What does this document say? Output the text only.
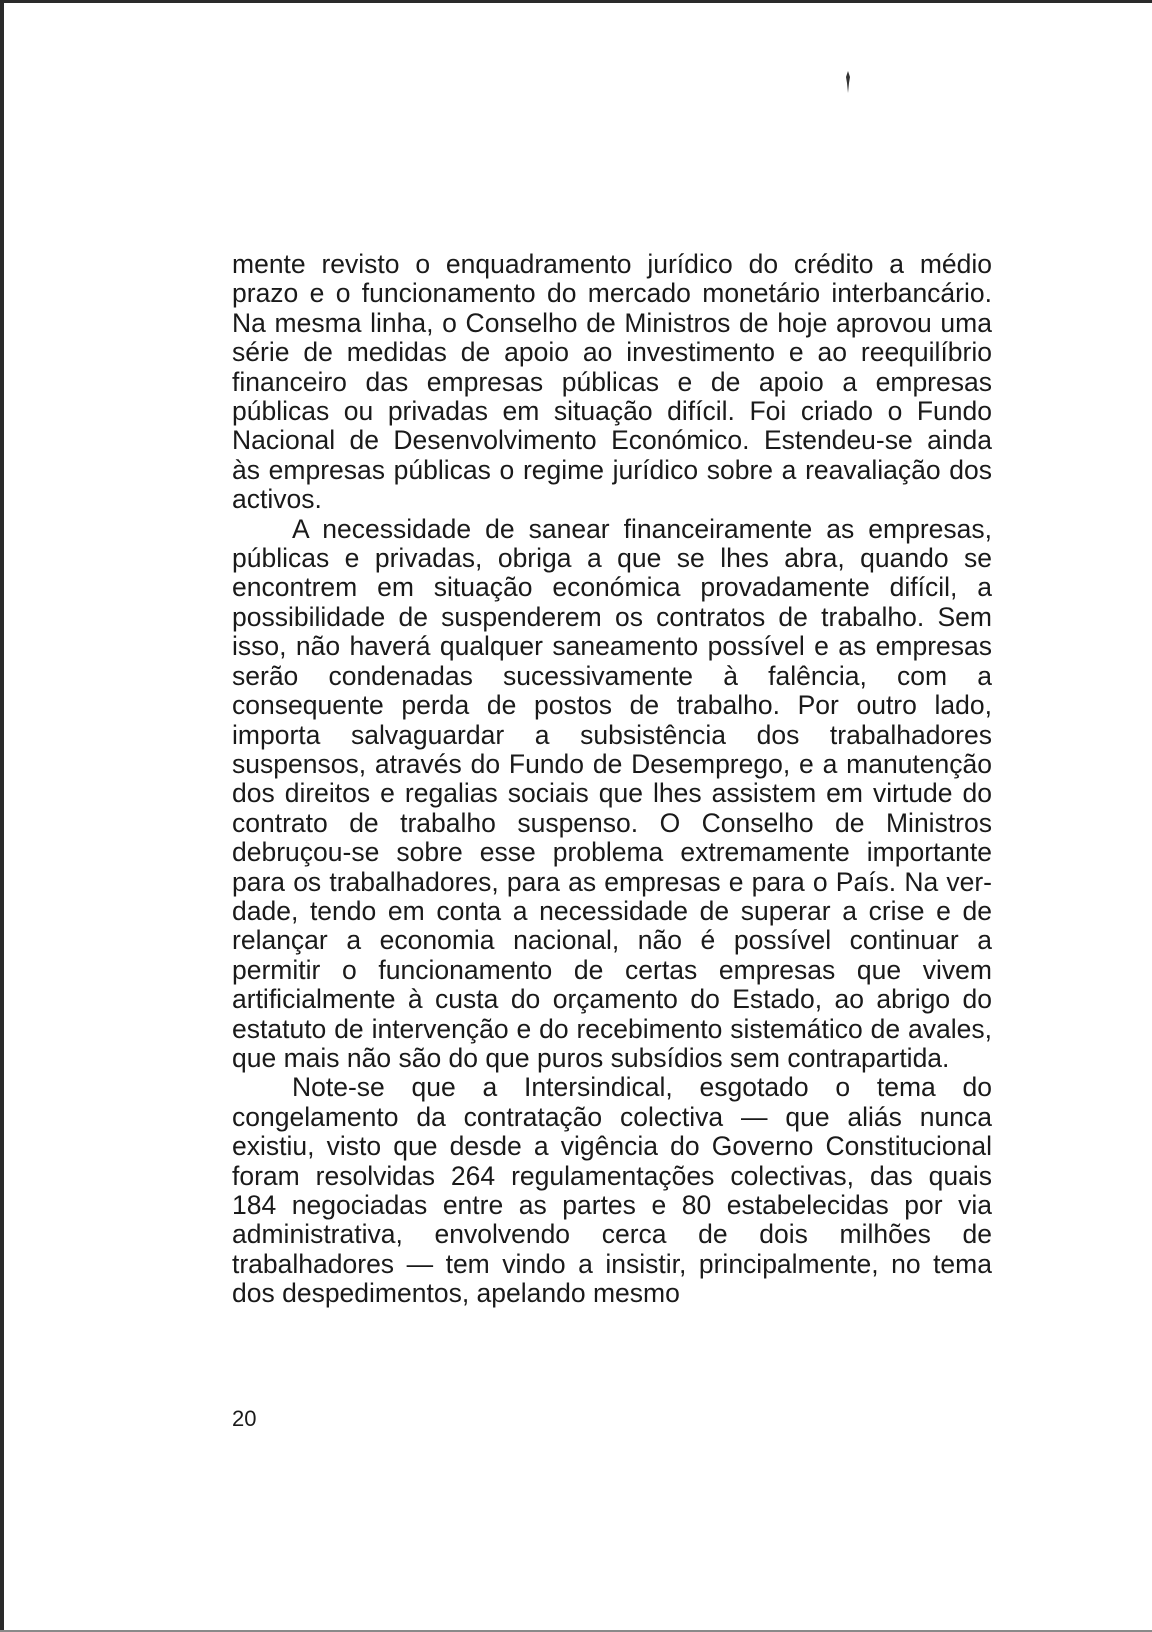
mente revisto o enquadramento jurídico do crédito a médio prazo e o funcionamento do mercado monetário interbancário. Na mesma linha, o Conselho de Ministros de hoje aprovou uma série de medidas de apoio ao investimento e ao reequilíbrio financeiro das empresas públicas e de apoio a empresas públicas ou privadas em situação difícil. Foi criado o Fundo Nacional de Desenvolvimento Económico. Estendeu-se ainda às empresas públicas o regime jurídico sobre a reavaliação dos activos.

A necessidade de sanear financeiramente as empresas, públicas e privadas, obriga a que se lhes abra, quando se encontrem em situação económica provadamente difícil, a possibilidade de suspenderem os contratos de trabalho. Sem isso, não haverá qualquer saneamento possível e as empresas serão condenadas sucessivamente à falência, com a consequente perda de postos de trabalho. Por outro lado, importa salvaguardar a subsistência dos trabalhadores suspensos, através do Fundo de Desemprego, e a manutenção dos direitos e regalias sociais que lhes assistem em virtude do contrato de trabalho suspenso. O Conselho de Ministros debruçou-se sobre esse problema extremamente importante para os trabalhadores, para as empresas e para o País. Na verdade, tendo em conta a necessidade de superar a crise e de relançar a economia nacional, não é possível continuar a permitir o funcionamento de certas empresas que vivem artificialmente à custa do orçamento do Estado, ao abrigo do estatuto de intervenção e do recebimento sistemático de avales, que mais não são do que puros subsídios sem contrapartida.

Note-se que a Intersindical, esgotado o tema do congelamento da contratação colectiva — que aliás nunca existiu, visto que desde a vigência do Governo Constitucional foram resolvidas 264 regulamentações colectivas, das quais 184 negociadas entre as partes e 80 estabelecidas por via administrativa, envolvendo cerca de dois milhões de trabalhadores — tem vindo a insistir, principalmente, no tema dos despedimentos, apelando mesmo

20
